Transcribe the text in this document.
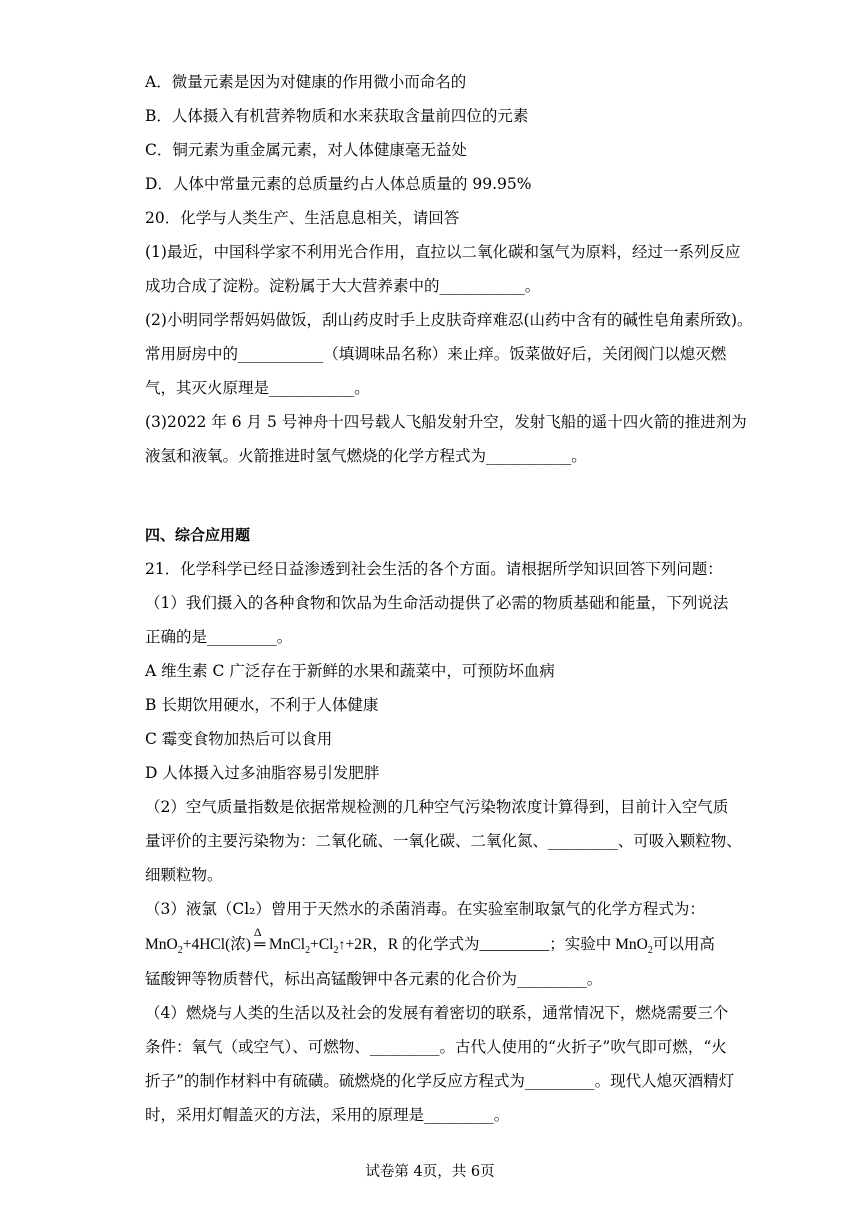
A．微量元素是因为对健康的作用微小而命名的
B．人体摄入有机营养物质和水来获取含量前四位的元素
C．铜元素为重金属元素，对人体健康毫无益处
D．人体中常量元素的总质量约占人体总质量的 99.95%
20．化学与人类生产、生活息息相关，请回答
(1)最近，中国科学家不利用光合作用，直拉以二氧化碳和氢气为原料，经过一系列反应
成功合成了淀粉。淀粉属于大大营养素中的___________。
(2)小明同学帮妈妈做饭，刮山药皮时手上皮肤奇痒难忍(山药中含有的碱性皂角素所致)。
常用厨房中的___________（填调味品名称）来止痒。饭菜做好后，关闭阀门以熄灭燃
气，其灭火原理是___________。
(3)2022 年 6 月 5 号神舟十四号载人飞船发射升空，发射飞船的遥十四火箭的推进剂为
液氢和液氧。火箭推进时氢气燃烧的化学方程式为___________。
四、综合应用题
21．化学科学已经日益渗透到社会生活的各个方面。请根据所学知识回答下列问题：
（1）我们摄入的各种食物和饮品为生命活动提供了必需的物质基础和能量，下列说法
正确的是_________。
A 维生素 C 广泛存在于新鲜的水果和蔬菜中，可预防坏血病
B 长期饮用硬水，不利于人体健康
C 霉变食物加热后可以食用
D 人体摄入过多油脂容易引发肥胖
（2）空气质量指数是依据常规检测的几种空气污染物浓度计算得到，目前计入空气质
量评价的主要污染物为：二氧化硫、一氧化碳、二氧化氮、_________、可吸入颗粒物、
细颗粒物。
（3）液氯（Cl₂）曾用于天然水的杀菌消毒。在实验室制取氯气的化学方程式为：
MnO$_2$+4HCl(浓)
Δ
═ $MnCl_2+Cl_2↑+2R$，R 的化学式为_________；实验中 MnO$_2$可以用高
锰酸钾等物质替代，标出高锰酸钾中各元素的化合价为_________。
（4）燃烧与人类的生活以及社会的发展有着密切的联系，通常情况下，燃烧需要三个
条件：氧气（或空气）、可燃物、_________。古代人使用的“火折子”吹气即可燃，“火
折子”的制作材料中有硫磺。硫燃烧的化学反应方程式为_________。现代人熄灭酒精灯
时，采用灯帽盖灭的方法，采用的原理是_________。
试卷第 4页，共 6页
